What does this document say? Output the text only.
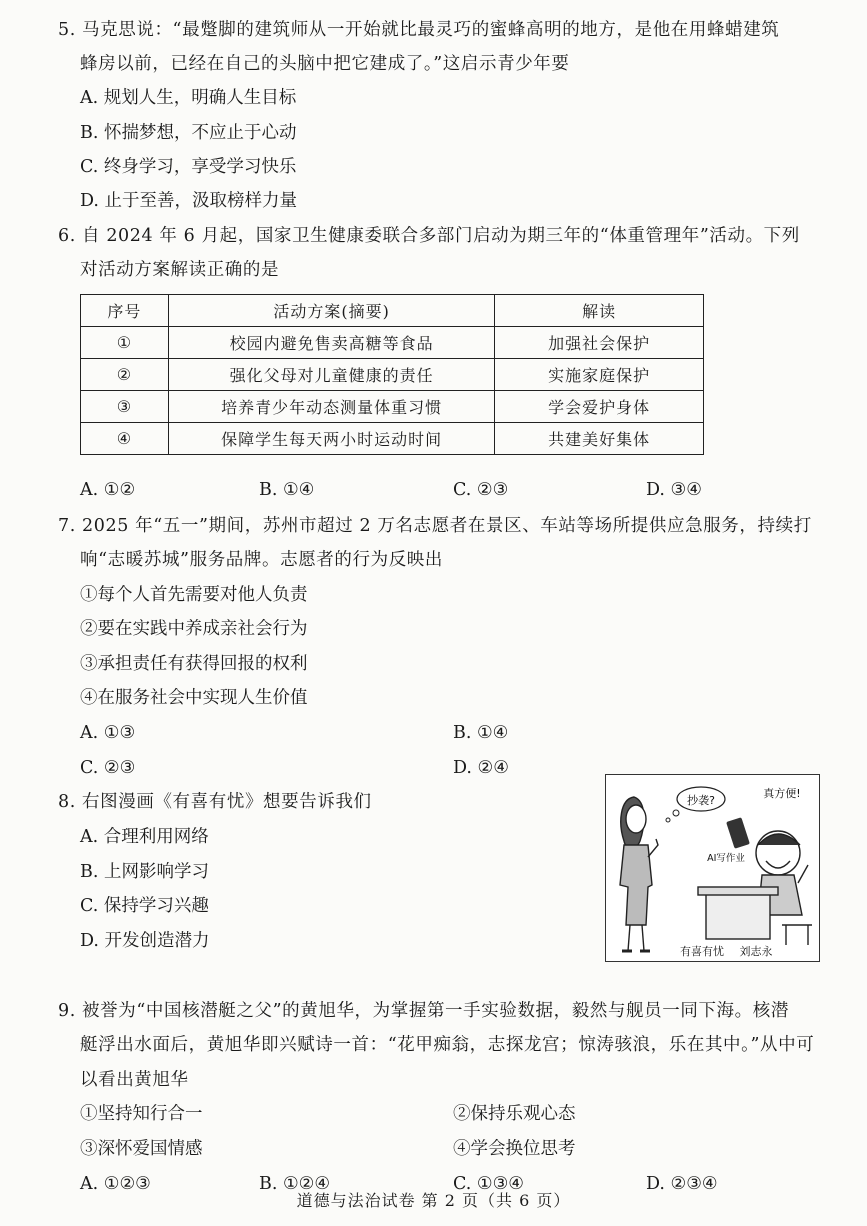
5. 马克思说：“最蹩脚的建筑师从一开始就比最灵巧的蜜蜂高明的地方，是他在用蜂蜡建筑
蜂房以前，已经在自己的头脑中把它建成了。”这启示青少年要
A. 规划人生，明确人生目标
B. 怀揣梦想，不应止于心动
C. 终身学习，享受学习快乐
D. 止于至善，汲取榜样力量
6. 自 2024 年 6 月起，国家卫生健康委联合多部门启动为期三年的“体重管理年”活动。下列
对活动方案解读正确的是
序号	活动方案(摘要)	解读
①	校园内避免售卖高糖等食品	加强社会保护
②	强化父母对儿童健康的责任	实施家庭保护
③	培养青少年动态测量体重习惯	学会爱护身体
④	保障学生每天两小时运动时间	共建美好集体
A. ①②	B. ①④	C. ②③	D. ③④
7. 2025 年“五一”期间，苏州市超过 2 万名志愿者在景区、车站等场所提供应急服务，持续打
响“志暖苏城”服务品牌。志愿者的行为反映出
①每个人首先需要对他人负责
②要在实践中养成亲社会行为
③承担责任有获得回报的权利
④在服务社会中实现人生价值
A. ①③	B. ①④
C. ②③	D. ②④
8. 右图漫画《有喜有忧》想要告诉我们
A. 合理利用网络
B. 上网影响学习
C. 保持学习兴趣
D. 开发创造潜力
抄袭?
真方便!
AI写作业
有喜有忧 刘志永
9. 被誉为“中国核潜艇之父”的黄旭华，为掌握第一手实验数据，毅然与舰员一同下海。核潜
艇浮出水面后，黄旭华即兴赋诗一首：“花甲痴翁，志探龙宫；惊涛骇浪，乐在其中。”从中可
以看出黄旭华
①坚持知行合一	②保持乐观心态
③深怀爱国情感	④学会换位思考
A. ①②③	B. ①②④	C. ①③④	D. ②③④
道德与法治试卷 第 2 页（共 6 页）
